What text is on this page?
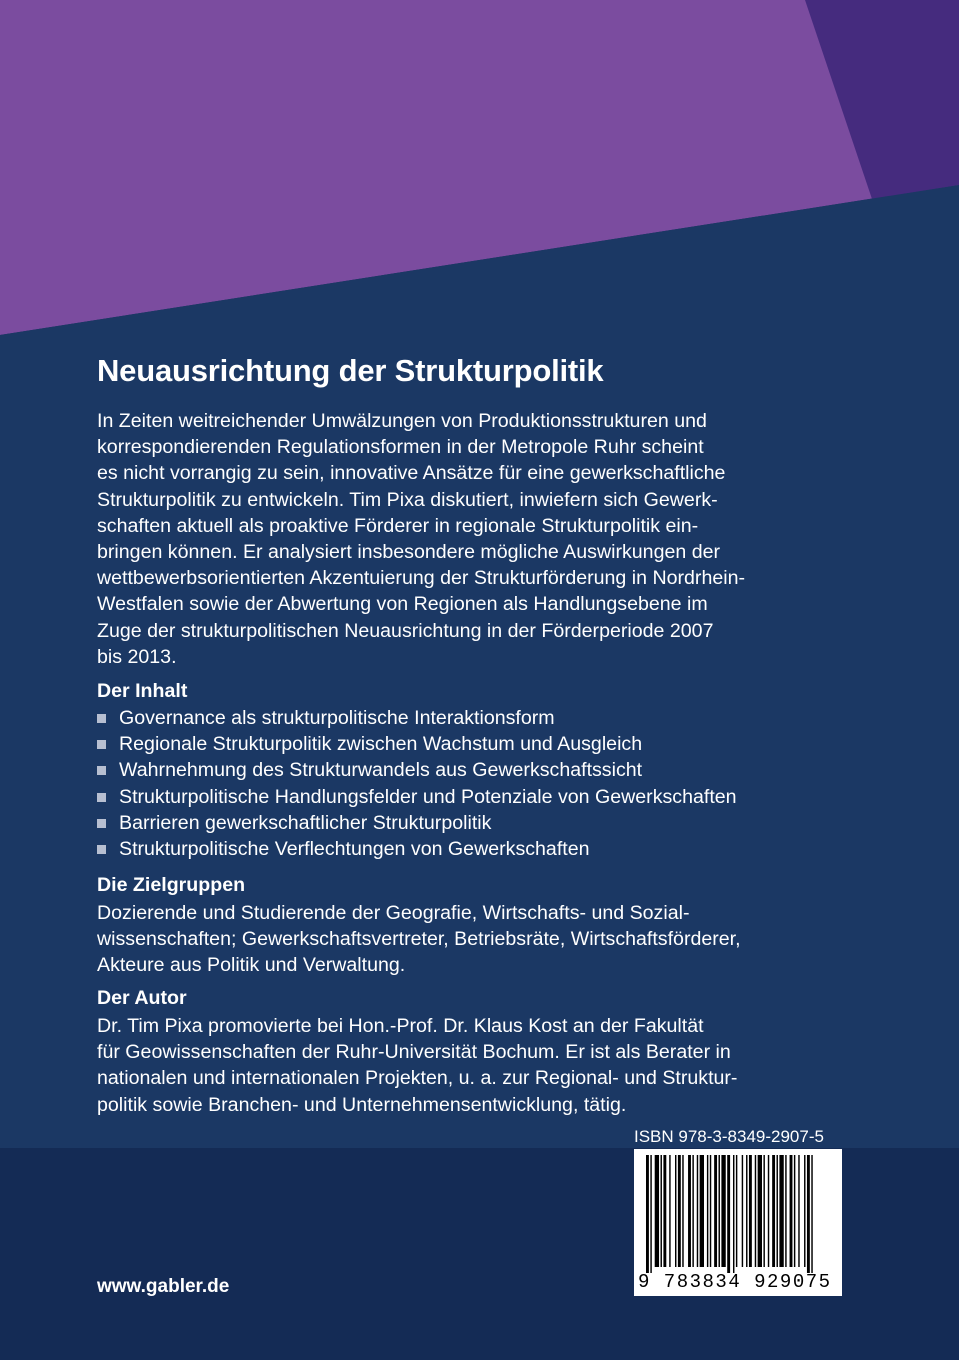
Neuausrichtung der Strukturpolitik
In Zeiten weitreichender Umwälzungen von Produktionsstrukturen und
korrespondierenden Regulationsformen in der Metropole Ruhr scheint
es nicht vorrangig zu sein, innovative Ansätze für eine gewerkschaftliche
Strukturpolitik zu entwickeln. Tim Pixa diskutiert, inwiefern sich Gewerk-
schaften aktuell als proaktive Förderer in regionale Strukturpolitik ein-
bringen können. Er analysiert insbesondere mögliche Auswirkungen der
wettbewerbsorientierten Akzentuierung der Strukturförderung in Nordrhein-
Westfalen sowie der Abwertung von Regionen als Handlungsebene im
Zuge der strukturpolitischen Neuausrichtung in der Förderperiode 2007
bis 2013.
Der Inhalt
Governance als strukturpolitische Interaktionsform
Regionale Strukturpolitik zwischen Wachstum und Ausgleich
Wahrnehmung des Strukturwandels aus Gewerkschaftssicht
Strukturpolitische Handlungsfelder und Potenziale von Gewerkschaften
Barrieren gewerkschaftlicher Strukturpolitik
Strukturpolitische Verflechtungen von Gewerkschaften
Die Zielgruppen
Dozierende und Studierende der Geografie, Wirtschafts- und Sozial-
wissenschaften; Gewerkschaftsvertreter, Betriebsräte, Wirtschaftsförderer,
Akteure aus Politik und Verwaltung.
Der Autor
Dr. Tim Pixa promovierte bei Hon.-Prof. Dr. Klaus Kost an der Fakultät
für Geowissenschaften der Ruhr-Universität Bochum. Er ist als Berater in
nationalen und internationalen Projekten, u. a. zur Regional- und Struktur-
politik sowie Branchen- und Unternehmensentwicklung, tätig.
ISBN 978-3-8349-2907-5
9 783834 929075
www.gabler.de
